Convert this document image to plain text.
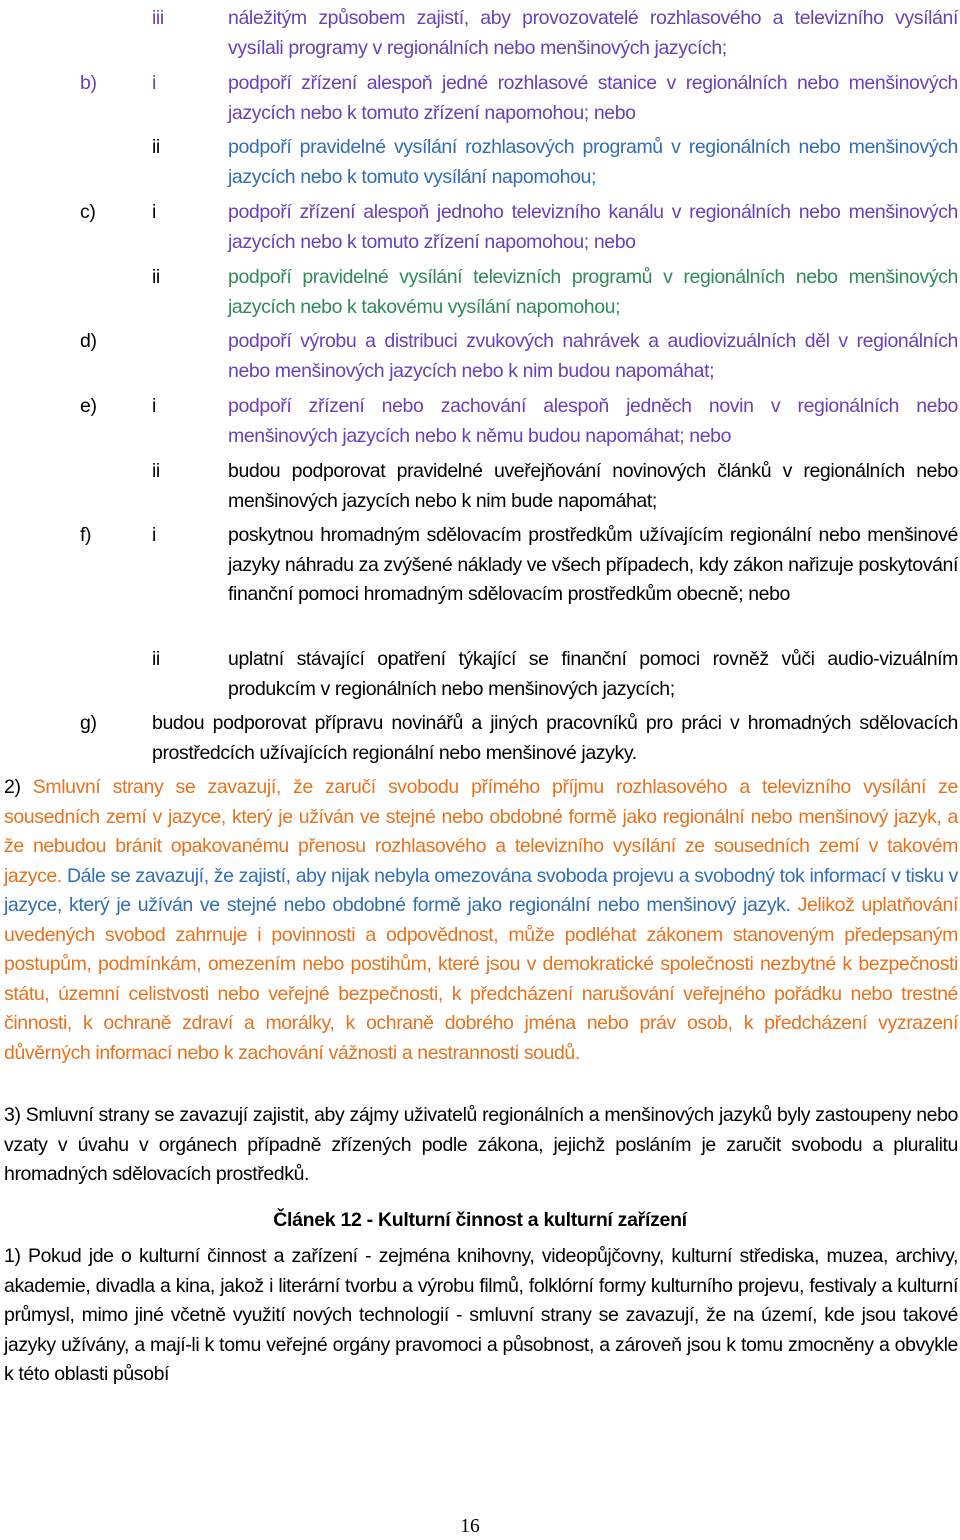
iii	náležitým způsobem zajistí, aby provozovatelé rozhlasového a televizního vysílání vysílali programy v regionálních nebo menšinových jazycích;
b)	i	podpoří zřízení alespoň jedné rozhlasové stanice v regionálních nebo menšinových jazycích nebo k tomuto zřízení napomohou; nebo
ii	podpoří pravidelné vysílání rozhlasových programů v regionálních nebo menšinových jazycích nebo k tomuto vysílání napomohou;
c)	i	podpoří zřízení alespoň jednoho televizního kanálu v regionálních nebo menšinových jazycích nebo k tomuto zřízení napomohou; nebo
ii	podpoří pravidelné vysílání televizních programů v regionálních nebo menšinových jazycích nebo k takovému vysílání napomohou;
d)	podpoří výrobu a distribuci zvukových nahrávek a audiovizuálních děl v regionálních nebo menšinových jazycích nebo k nim budou napomáhat;
e)	i	podpoří zřízení nebo zachování alespoň jedněch novin v regionálních nebo menšinových jazycích nebo k němu budou napomáhat; nebo
ii	budou podporovat pravidelné uveřejňování novinových článků v regionálních nebo menšinových jazycích nebo k nim bude napomáhat;
f)	i	poskytnou hromadným sdělovacím prostředkům užívajícím regionální nebo menšinové jazyky náhradu za zvýšené náklady ve všech případech, kdy zákon nařizuje poskytování finanční pomoci hromadným sdělovacím prostředkům obecně; nebo
ii	uplatní stávající opatření týkající se finanční pomoci rovněž vůči audio-vizuálním produkcím v regionálních nebo menšinových jazycích;
g)	budou podporovat přípravu novinářů a jiných pracovníků pro práci v hromadných sdělovacích prostředcích užívajících regionální nebo menšinové jazyky.
2) Smluvní strany se zavazují, že zaručí svobodu přímého příjmu rozhlasového a televizního vysílání ze sousedních zemí v jazyce, který je užíván ve stejné nebo obdobné formě jako regionální nebo menšinový jazyk, a že nebudou bránit opakovanému přenosu rozhlasového a televizního vysílání ze sousedních zemí v takovém jazyce. Dále se zavazují, že zajistí, aby nijak nebyla omezována svoboda projevu a svobodný tok informací v tisku v jazyce, který je užíván ve stejné nebo obdobné formě jako regionální nebo menšinový jazyk. Jelikož uplatňování uvedených svobod zahrnuje i povinnosti a odpovědnost, může podléhat zákonem stanoveným předepsaným postupům, podmínkám, omezením nebo postihům, které jsou v demokratické společnosti nezbytné k bezpečnosti státu, územní celistvosti nebo veřejné bezpečnosti, k předcházení narušování veřejného pořádku nebo trestné činnosti, k ochraně zdraví a morálky, k ochraně dobrého jména nebo práv osob, k předcházení vyzrazení důvěrných informací nebo k zachování vážnosti a nestrannosti soudů.
3) Smluvní strany se zavazují zajistit, aby zájmy uživatelů regionálních a menšinových jazyků byly zastoupeny nebo vzaty v úvahu v orgánech případně zřízených podle zákona, jejichž posláním je zaručit svobodu a pluralitu hromadných sdělovacích prostředků.
Článek 12 - Kulturní činnost a kulturní zařízení
1) Pokud jde o kulturní činnost a zařízení - zejména knihovny, videopůjčovny, kulturní střediska, muzea, archivy, akademie, divadla a kina, jakož i literární tvorbu a výrobu filmů, folklórní formy kulturního projevu, festivaly a kulturní průmysl, mimo jiné včetně využití nových technologií - smluvní strany se zavazují, že na území, kde jsou takové jazyky užívány, a mají-li k tomu veřejné orgány pravomoci a působnost, a zároveň jsou k tomu zmocněny a obvykle k této oblasti působí
16
